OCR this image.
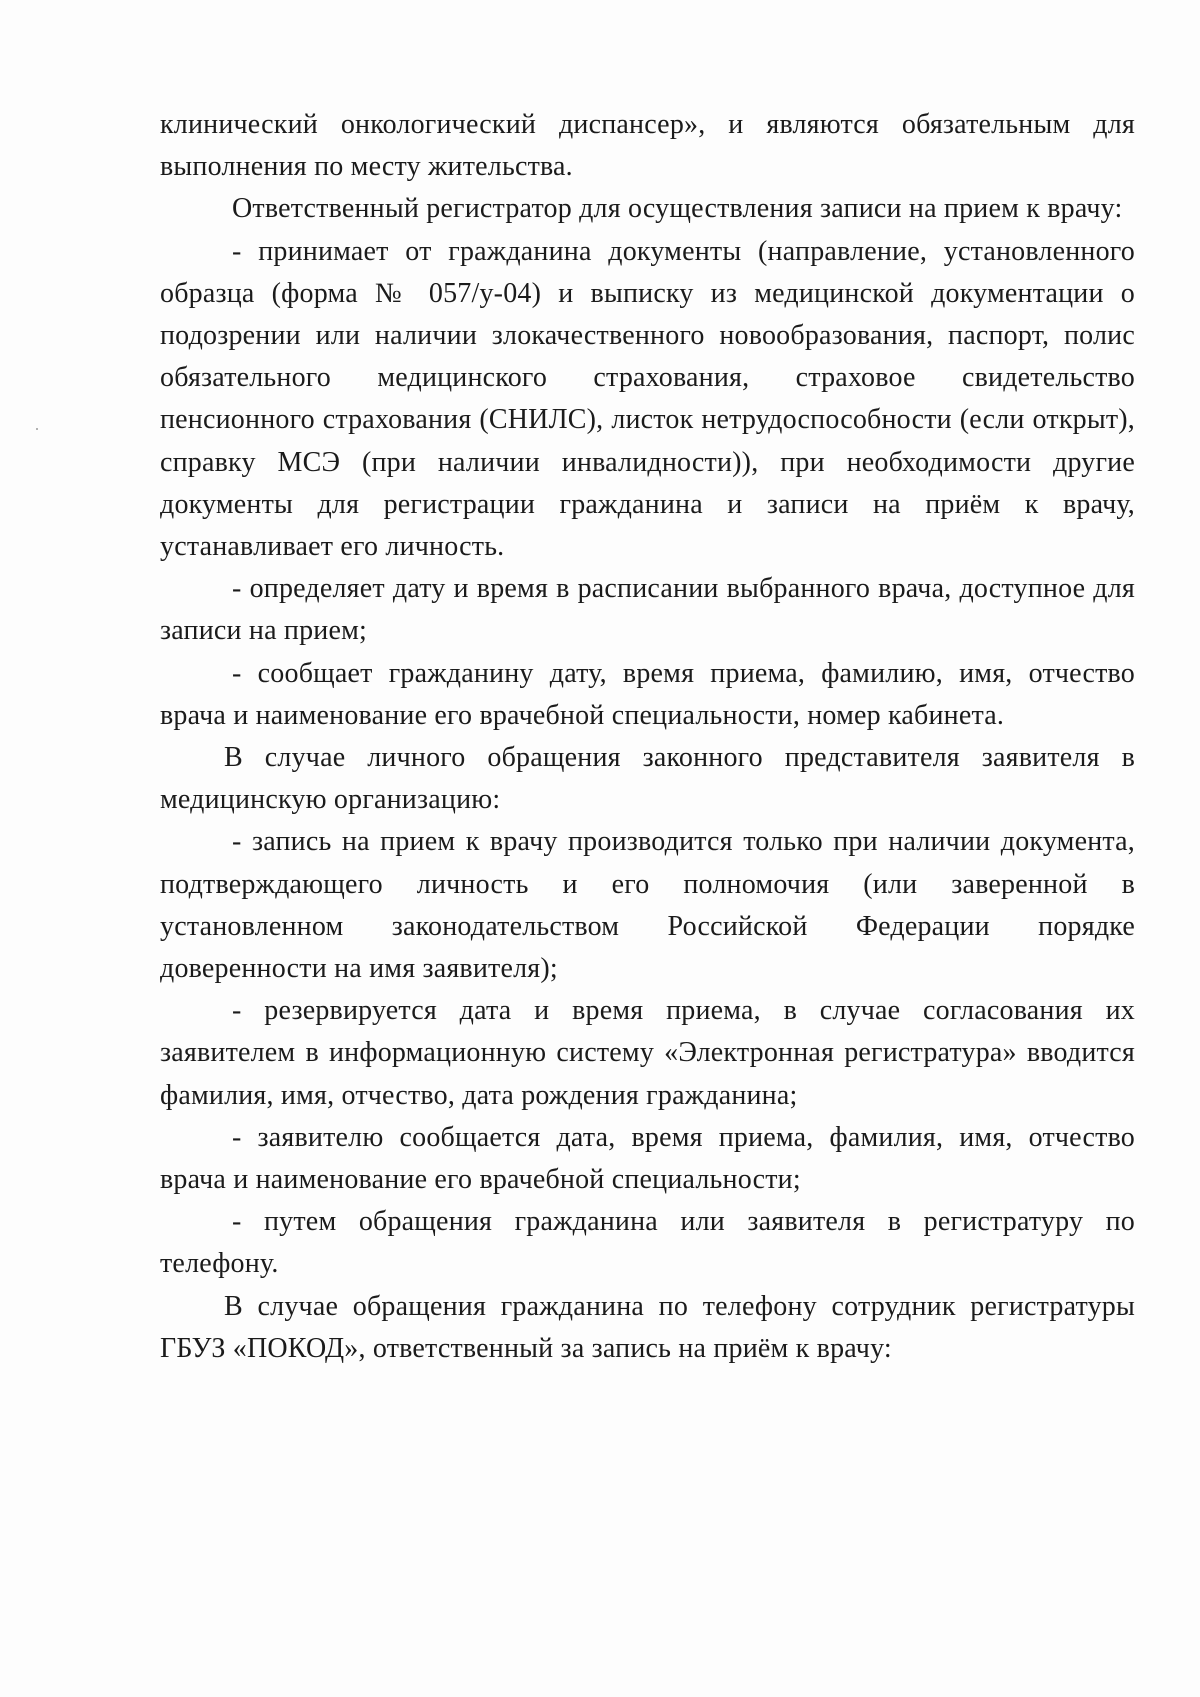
клинический онкологический диспансер», и являются обязательным для выполнения по месту жительства.

Ответственный регистратор для осуществления записи на прием к врачу:

- принимает от гражданина документы (направление, установленного образца (форма № 057/у-04) и выписку из медицинской документации о подозрении или наличии злокачественного новообразования, паспорт, полис обязательного медицинского страхования, страховое свидетельство пенсионного страхования (СНИЛС), листок нетрудоспособности (если открыт), справку МСЭ (при наличии инвалидности)), при необходимости другие документы для регистрации гражданина и записи на приём к врачу, устанавливает его личность.

- определяет дату и время в расписании выбранного врача, доступное для записи на прием;

- сообщает гражданину дату, время приема, фамилию, имя, отчество врача и наименование его врачебной специальности, номер кабинета.

В случае личного обращения законного представителя заявителя в медицинскую организацию:

- запись на прием к врачу производится только при наличии документа, подтверждающего личность и его полномочия (или заверенной в установленном законодательством Российской Федерации порядке доверенности на имя заявителя);

- резервируется дата и время приема, в случае согласования их заявителем в информационную систему «Электронная регистратура» вводится фамилия, имя, отчество, дата рождения гражданина;

- заявителю сообщается дата, время приема, фамилия, имя, отчество врача и наименование его врачебной специальности;

- путем обращения гражданина или заявителя в регистратуру по телефону.

В случае обращения гражданина по телефону сотрудник регистратуры ГБУЗ «ПОКОД», ответственный за запись на приём к врачу:
